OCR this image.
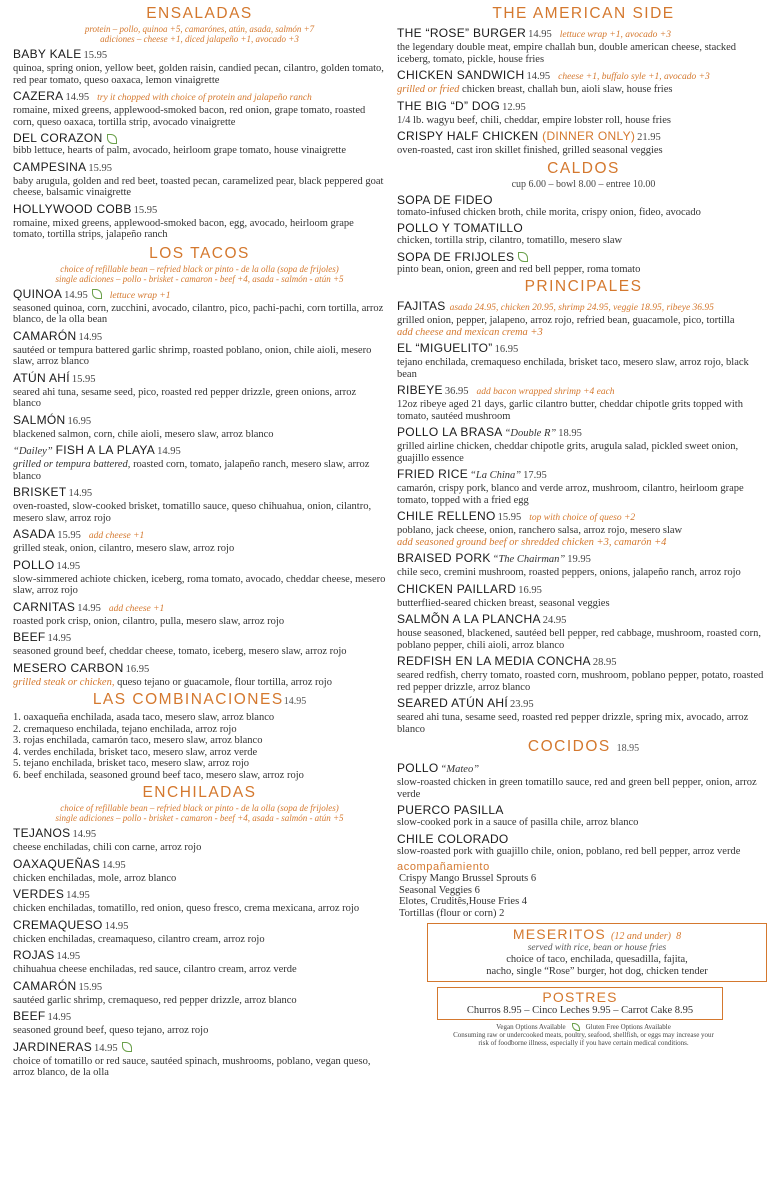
ENSALADAS
protein – pollo, quinoa +5, camarónes, atún, asada, salmón +7
adiciones – cheese +1, diced jalapeño +1, avocado +3
BABY KALE 15.95
quinoa, spring onion, yellow beet, golden raisin, candied pecan, cilantro, golden tomato, red pear tomato, queso oaxaca, lemon vinaigrette
CAZERA 14.95 try it chopped with choice of protein and jalapeño ranch
romaine, mixed greens, applewood-smoked bacon, red onion, grape tomato, roasted corn, queso oaxaca, tortilla strip, avocado vinaigrette
DEL CORAZON
bibb lettuce, hearts of palm, avocado, heirloom grape tomato, house vinaigrette
CAMPESINA 15.95
baby arugula, golden and red beet, toasted pecan, caramelized pear, black peppered goat cheese, balsamic vinaigrette
HOLLYWOOD COBB 15.95
romaine, mixed greens, applewood-smoked bacon, egg, avocado, heirloom grape tomato, tortilla strips, jalapeño ranch
LOS TACOS
choice of refillable bean – refried black or pinto - de la olla (sopa de frijoles)
single adiciones – pollo - brisket - camaron - beef +4, asada - salmón - atún +5
QUINOA 14.95 lettuce wrap +1
seasoned quinoa, corn, zucchini, avocado, cilantro, pico, pachi-pachi, corn tortilla, arroz blanco, de la olla bean
CAMARÓN 14.95
sautéed or tempura battered garlic shrimp, roasted poblano, onion, chile aioli, mesero slaw, arroz blanco
ATÚN AHÍ 15.95
seared ahi tuna, sesame seed, pico, roasted red pepper drizzle, green onions, arroz blanco
SALMÓN 16.95
blackened salmon, corn, chile aioli, mesero slaw, arroz blanco
“Dailey” FISH A LA PLAYA 14.95
grilled or tempura battered, roasted corn, tomato, jalapeño ranch, mesero slaw, arroz blanco
BRISKET 14.95
oven-roasted, slow-cooked brisket, tomatillo sauce, queso chihuahua, onion, cilantro, mesero slaw, arroz rojo
ASADA 15.95 add cheese +1
grilled steak, onion, cilantro, mesero slaw, arroz rojo
POLLO 14.95
slow-simmered achiote chicken, iceberg, roma tomato, avocado, cheddar cheese, mesero slaw, arroz rojo
CARNITAS 14.95 add cheese +1
roasted pork crisp, onion, cilantro, pulla, mesero slaw, arroz rojo
BEEF 14.95
seasoned ground beef, cheddar cheese, tomato, iceberg, mesero slaw, arroz rojo
MESERO CARBON 16.95
grilled steak or chicken, queso tejano or guacamole, flour tortilla, arroz rojo
LAS COMBINACIONES14.95
1. oaxaqueña enchilada, asada taco, mesero slaw, arroz blanco
2. cremaqueso enchilada, tejano enchilada, arroz rojo
3. rojas enchilada, camarón taco, mesero slaw, arroz blanco
4. verdes enchilada, brisket taco, mesero slaw, arroz verde
5. tejano enchilada, brisket taco, mesero slaw, arroz rojo
6. beef enchilada, seasoned ground beef taco, mesero slaw, arroz rojo
ENCHILADAS
choice of refillable bean – refried black or pinto - de la olla (sopa de frijoles)
single adiciones – pollo - brisket - camaron - beef +4, asada - salmón - atún +5
TEJANOS 14.95
cheese enchiladas, chili con carne, arroz rojo
OAXAQUEÑAS 14.95
chicken enchiladas, mole, arroz blanco
VERDES 14.95
chicken enchiladas, tomatillo, red onion, queso fresco, crema mexicana, arroz rojo
CREMAQUESO 14.95
chicken enchiladas, creamaqueso, cilantro cream, arroz rojo
ROJAS 14.95
chihuahua cheese enchiladas, red sauce, cilantro cream, arroz verde
CAMARÓN 15.95
sautéed garlic shrimp, cremaqueso, red pepper drizzle, arroz blanco
BEEF 14.95
seasoned ground beef, queso tejano, arroz rojo
JARDINERAS 14.95
choice of tomatillo or red sauce, sautéed spinach, mushrooms, poblano, vegan queso, arroz blanco, de la olla
THE AMERICAN SIDE
THE “ROSE” BURGER 14.95 lettuce wrap +1, avocado +3
the legendary double meat, empire challah bun, double american cheese, stacked iceberg, tomato, pickle, house fries
CHICKEN SANDWICH 14.95 cheese +1, buffalo syle +1, avocado +3
grilled or fried chicken breast, challah bun, aioli slaw, house fries
THE BIG “D” DOG 12.95
1/4 lb. wagyu beef, chili, cheddar, empire lobster roll, house fries
CRISPY HALF CHICKEN (DINNER ONLY) 21.95
oven-roasted, cast iron skillet finished, grilled seasonal veggies
CALDOS
cup 6.00 – bowl 8.00 – entree 10.00
SOPA DE FIDEO
tomato-infused chicken broth, chile morita, crispy onion, fideo, avocado
POLLO Y TOMATILLO
chicken, tortilla strip, cilantro, tomatillo, mesero slaw
SOPA DE FRIJOLES
pinto bean, onion, green and red bell pepper, roma tomato
PRINCIPALES
FAJITAS asada 24.95, chicken 20.95, shrimp 24.95, veggie 18.95, ribeye 36.95
grilled onion, pepper, jalapeno, arroz rojo, refried bean, guacamole, pico, tortilla
add cheese and mexican crema +3
EL “MIGUELITO” 16.95
tejano enchilada, cremaqueso enchilada, brisket taco, mesero slaw, arroz rojo, black bean
RIBEYE 36.95 add bacon wrapped shrimp +4 each
12oz ribeye aged 21 days, garlic cilantro butter, cheddar chipotle grits topped with tomato, sautéed mushroom
POLLO LA BRASA “Double R” 18.95
grilled airline chicken, cheddar chipotle grits, arugula salad, pickled sweet onion, guajillo essence
FRIED RICE “La China” 17.95
camarón, crispy pork, blanco and verde arroz, mushroom, cilantro, heirloom grape tomato, topped with a fried egg
CHILE RELLENO 15.95 top with choice of queso +2
poblano, jack cheese, onion, ranchero salsa, arroz rojo, mesero slaw
add seasoned ground beef or shredded chicken +3, camarón +4
BRAISED PORK “The Chairman” 19.95
chile seco, cremini mushroom, roasted peppers, onions, jalapeño ranch, arroz rojo
CHICKEN PAILLARD 16.95
butterflied-seared chicken breast, seasonal veggies
SALMÕN A LA PLANCHA 24.95
house seasoned, blackened, sautéed bell pepper, red cabbage, mushroom, roasted corn, poblano pepper, chili aioli, arroz blanco
REDFISH EN LA MEDIA CONCHA 28.95
seared redfish, cherry tomato, roasted corn, mushroom, poblano pepper, potato, roasted red pepper drizzle, arroz blanco
SEARED ATÚN AHÍ 23.95
seared ahi tuna, sesame seed, roasted red pepper drizzle, spring mix, avocado, arroz blanco
COCIDOS 18.95
POLLO “Mateo”
slow-roasted chicken in green tomatillo sauce, red and green bell pepper, onion, arroz verde
PUERCO PASILLA
slow-cooked pork in a sauce of pasilla chile, arroz blanco
CHILE COLORADO
slow-roasted pork with guajillo chile, onion, poblano, red bell pepper, arroz verde
acompañamiento
Crispy Mango Brussel Sprouts 6
Seasonal Veggies 6
Elotes, Cruditês,House Fries 4
Tortillas (flour or corn) 2
MESERITOS (12 and under) 8
served with rice, bean or house fries
choice of taco, enchilada, quesadilla, fajita,
nacho, single “Rose” burger, hot dog, chicken tender
POSTRES
Churros 8.95 – Cinco Leches 9.95 – Carrot Cake 8.95
Vegan Options Available	Gluten Free Options Available
Consuming raw or undercooked meats, poultry, seafood, shellfish, or eggs may increase your
risk of foodborne illness, especially if you have certain medical conditions.
